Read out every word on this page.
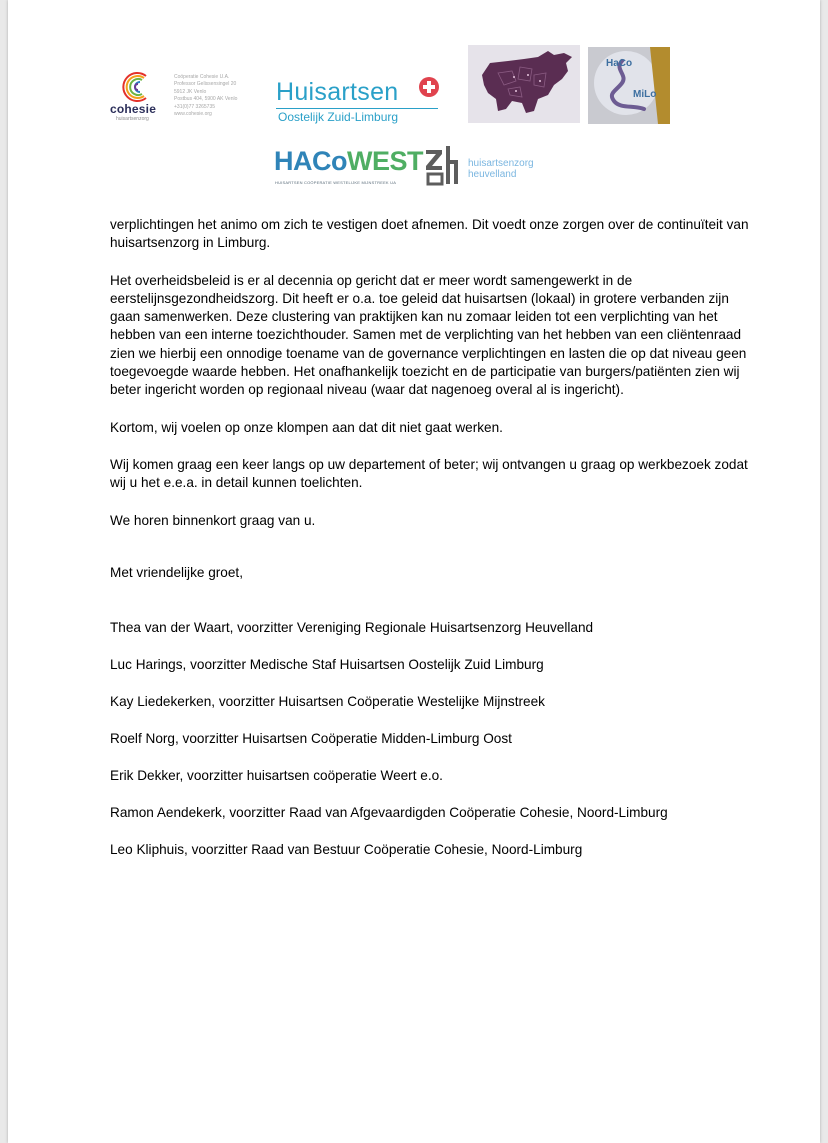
cohesie
huisartsenzorg
Coöperatie Cohesie U.A.
Professor Gelissensingel 20
5912 JK Venlo
Postbus 404, 5900 AK Venlo
+31(0)77 3265735
www.cohesie.org
Huisartsen
Oostelijk Zuid-Limburg
HaCo
MiLo
HACoWEST
HUISARTSEN COÖPERATIE WESTELIJKE MIJNSTREEK UA
huisartsenzorg
heuvelland

verplichtingen het animo om zich te vestigen doet afnemen. Dit voedt onze zorgen over de continuïteit van huisartsenzorg in Limburg.

Het overheidsbeleid is er al decennia op gericht dat er meer wordt samengewerkt in de eerstelijnsgezondheidszorg. Dit heeft er o.a. toe geleid dat huisartsen (lokaal) in grotere verbanden zijn gaan samenwerken. Deze clustering van praktijken kan nu zomaar leiden tot een verplichting van het hebben van een interne toezichthouder. Samen met de verplichting van het hebben van een cliëntenraad zien we hierbij een onnodige toename van de governance verplichtingen en lasten die op dat niveau geen toegevoegde waarde hebben. Het onafhankelijk toezicht en de participatie van burgers/patiënten zien wij beter ingericht worden op regionaal niveau (waar dat nagenoeg overal al is ingericht).

Kortom, wij voelen op onze klompen aan dat dit niet gaat werken.

Wij komen graag een keer langs op uw departement of beter; wij ontvangen u graag op werkbezoek zodat wij u het e.e.a. in detail kunnen toelichten.

We horen binnenkort graag van u.

Met vriendelijke groet,

Thea van der Waart, voorzitter Vereniging Regionale Huisartsenzorg Heuvelland

Luc Harings, voorzitter Medische Staf Huisartsen Oostelijk Zuid Limburg

Kay Liedekerken, voorzitter Huisartsen Coöperatie Westelijke Mijnstreek

Roelf Norg, voorzitter Huisartsen Coöperatie Midden-Limburg Oost

Erik Dekker, voorzitter huisartsen coöperatie Weert e.o.

Ramon Aendekerk, voorzitter Raad van Afgevaardigden Coöperatie Cohesie, Noord-Limburg

Leo Kliphuis, voorzitter Raad van Bestuur Coöperatie Cohesie, Noord-Limburg
